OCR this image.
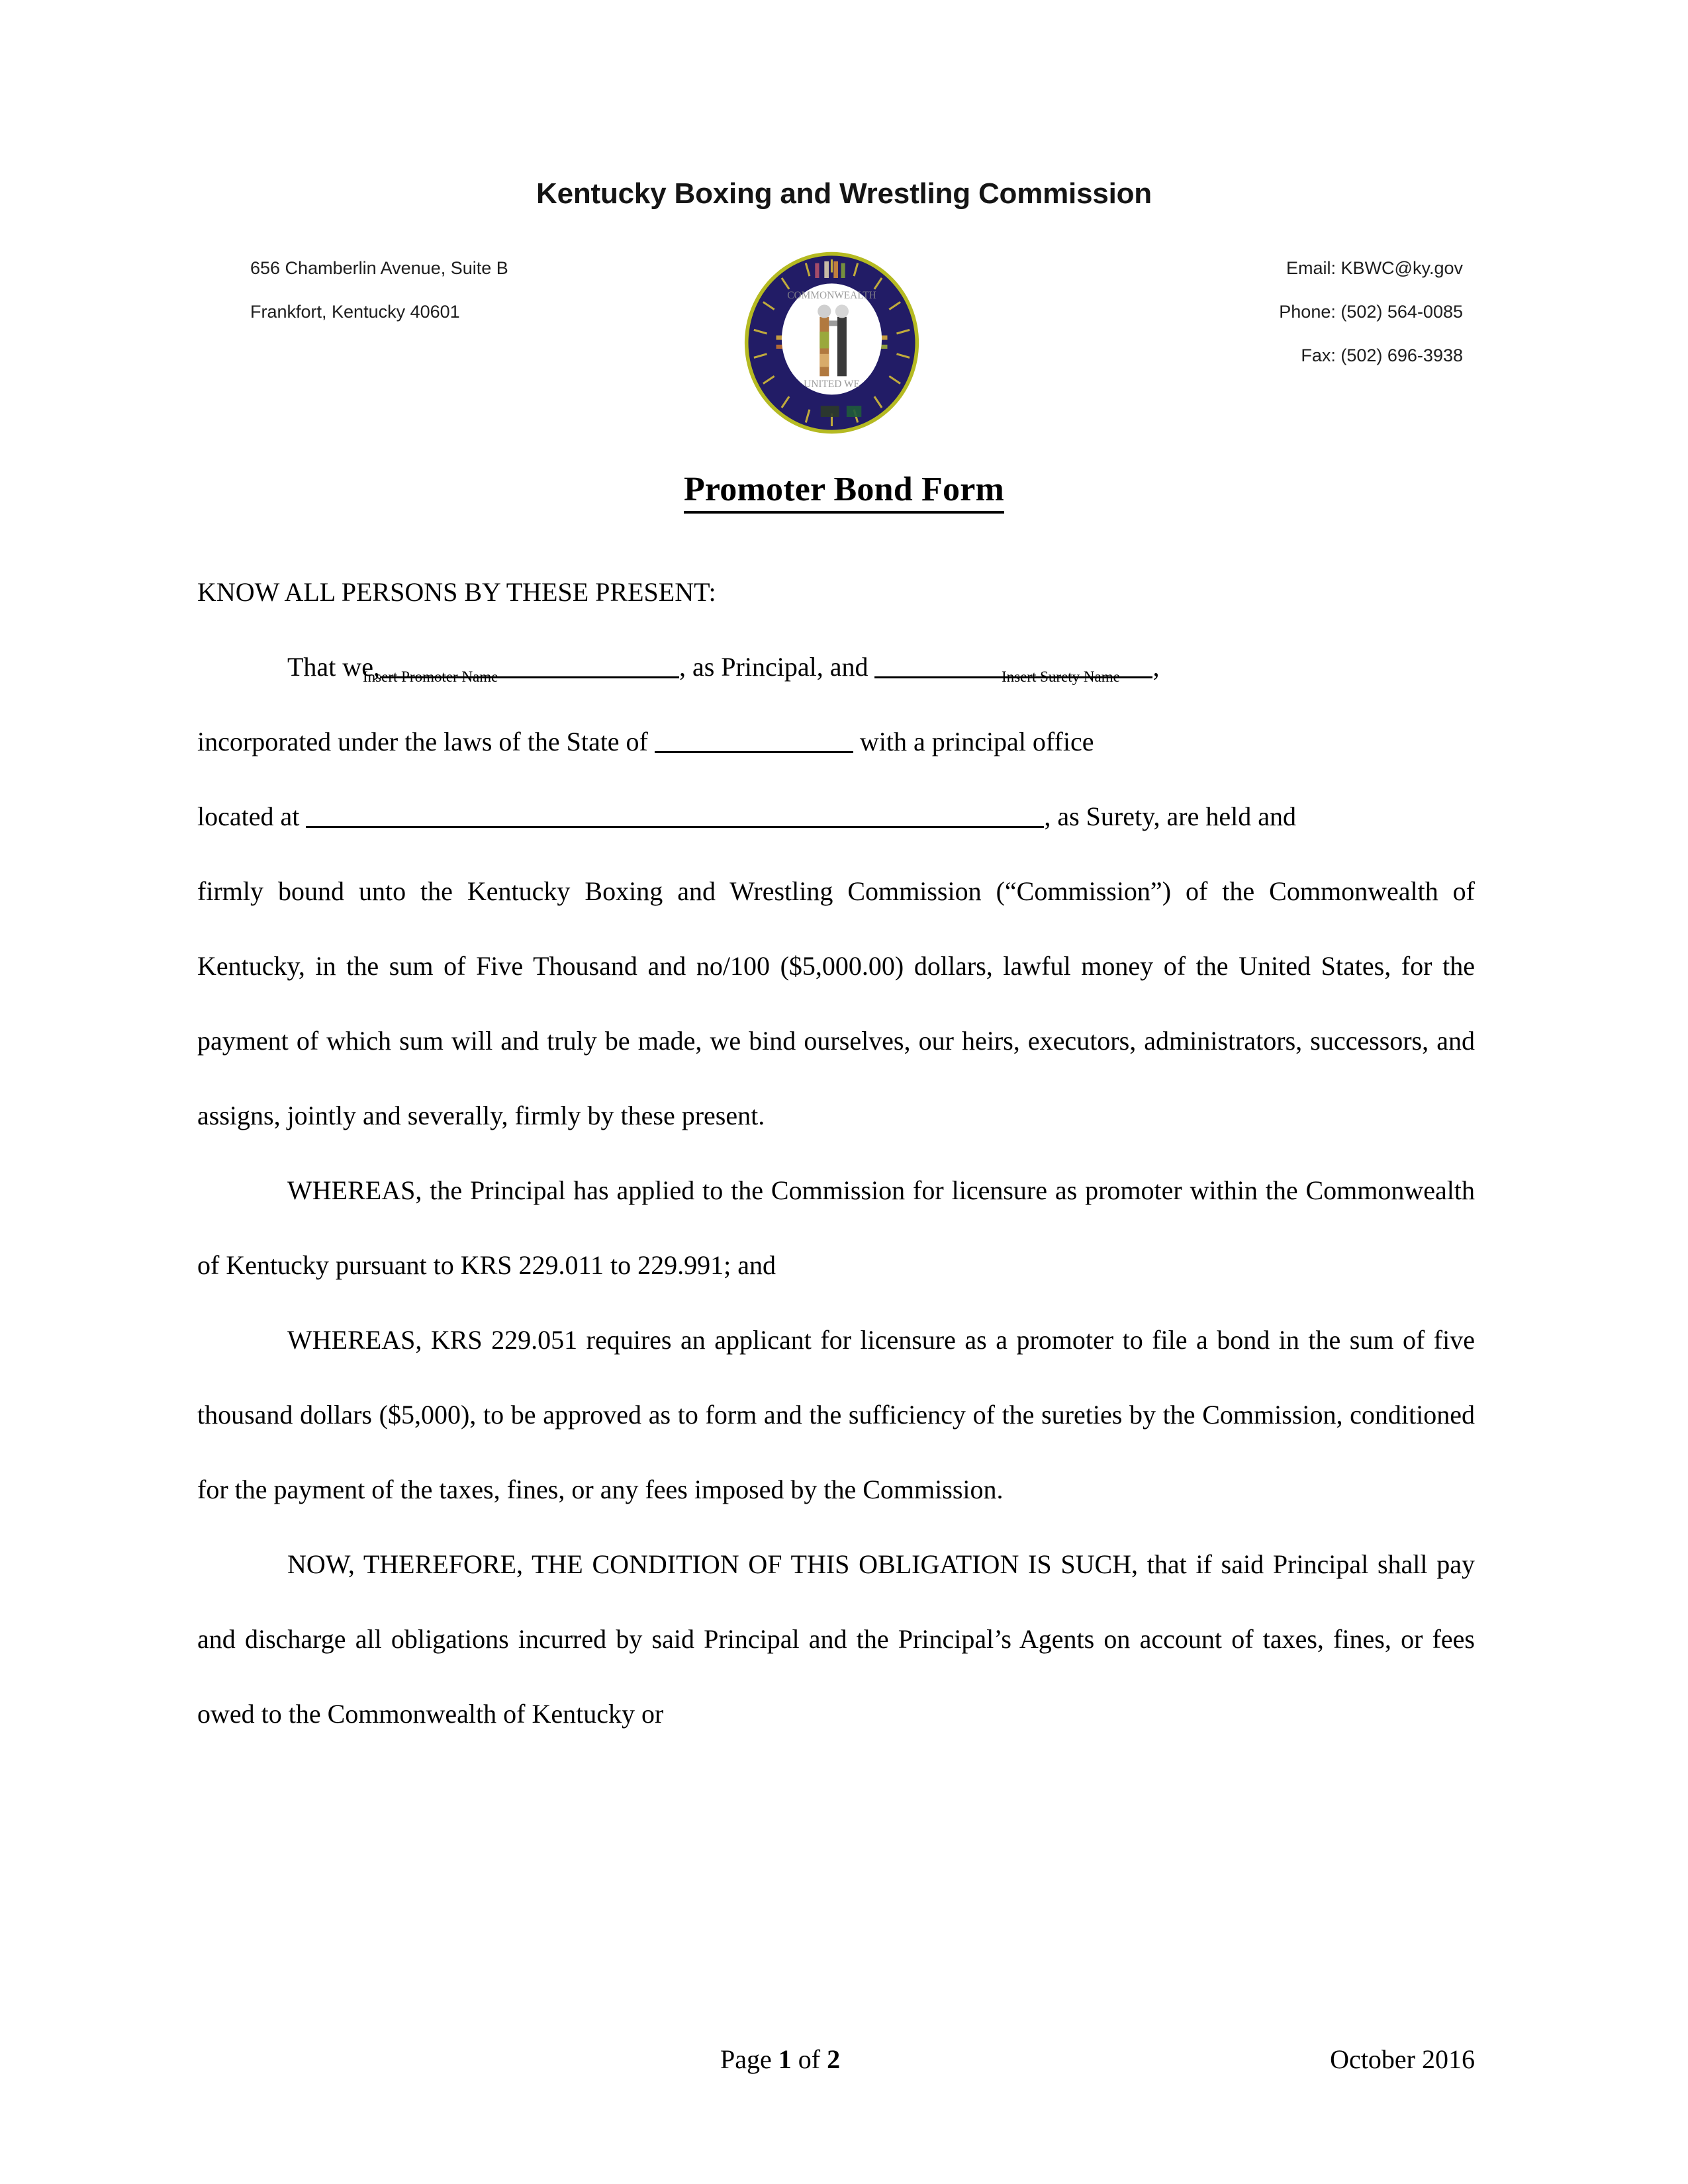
Kentucky Boxing and Wrestling Commission
656 Chamberlin Avenue, Suite B
Frankfort, Kentucky 40601
Email: KBWC@ky.gov
Phone: (502) 564-0085
Fax: (502) 696-3938
COMMONWEALTH
UNITED WE
Promoter Bond Form

KNOW ALL PERSONS BY THESE PRESENT:

That we,	, as Principal, and	,

incorporated under the laws of the State of	with a principal office

located at	, as Surety, are held and

firmly bound unto the Kentucky Boxing and Wrestling Commission (“Commission”) of the Commonwealth of Kentucky, in the sum of Five Thousand and no/100 ($5,000.00) dollars, lawful money of the United States, for the payment of which sum will and truly be made, we bind ourselves, our heirs, executors, administrators, successors, and assigns, jointly and severally, firmly by these present.

WHEREAS, the Principal has applied to the Commission for licensure as promoter within the Commonwealth of Kentucky pursuant to KRS 229.011 to 229.991; and

WHEREAS, KRS 229.051 requires an applicant for licensure as a promoter to file a bond in the sum of five thousand dollars ($5,000), to be approved as to form and the sufficiency of the sureties by the Commission, conditioned for the payment of the taxes, fines, or any fees imposed by the Commission.

NOW, THEREFORE, THE CONDITION OF THIS OBLIGATION IS SUCH, that if said Principal shall pay and discharge all obligations incurred by said Principal and the Principal’s Agents on account of taxes, fines, or fees owed to the Commonwealth of Kentucky or

Insert Promoter Name	Insert Surety Name
Page 1 of 2	October 2016
